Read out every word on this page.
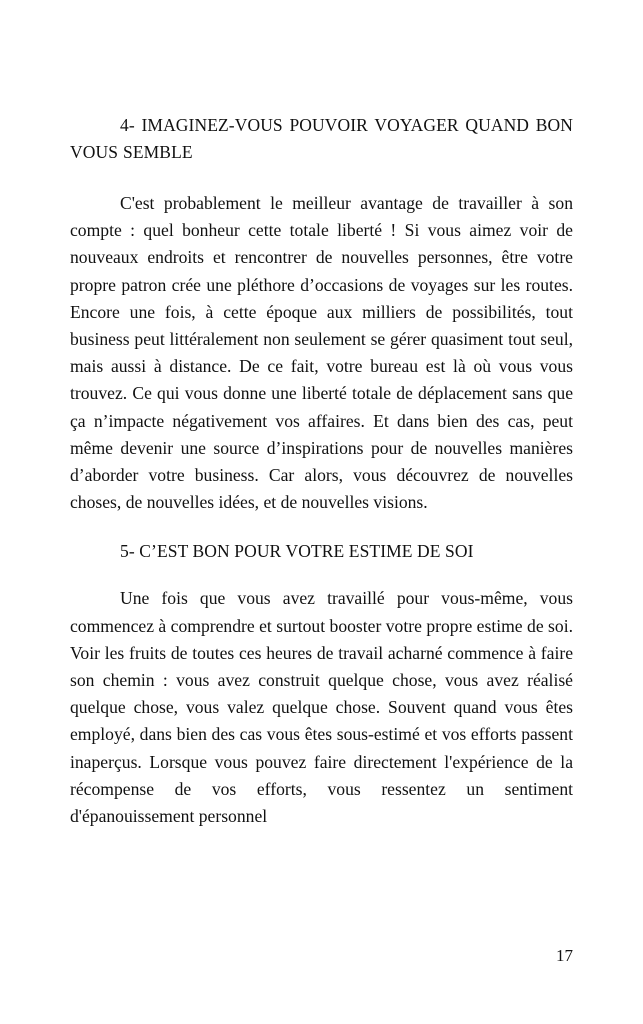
4- IMAGINEZ-VOUS POUVOIR VOYAGER QUAND BON VOUS SEMBLE

C'est probablement le meilleur avantage de travailler à son compte : quel bonheur cette totale liberté ! Si vous aimez voir de nouveaux endroits et rencontrer de nouvelles personnes, être votre propre patron crée une pléthore d’occasions de voyages sur les routes. Encore une fois, à cette époque aux milliers de possibilités, tout business peut littéralement non seulement se gérer quasiment tout seul, mais aussi à distance. De ce fait, votre bureau est là où vous vous trouvez. Ce qui vous donne une liberté totale de déplacement sans que ça n’impacte négativement vos affaires. Et dans bien des cas, peut même devenir une source d’inspirations pour de nouvelles manières d’aborder votre business. Car alors, vous découvrez de nouvelles choses, de nouvelles idées, et de nouvelles visions.

5- C’EST BON POUR VOTRE ESTIME DE SOI

Une fois que vous avez travaillé pour vous-même, vous commencez à comprendre et surtout booster votre propre estime de soi. Voir les fruits de toutes ces heures de travail acharné commence à faire son chemin : vous avez construit quelque chose, vous avez réalisé quelque chose, vous valez quelque chose. Souvent quand vous êtes employé, dans bien des cas vous êtes sous-estimé et vos efforts passent inaperçus. Lorsque vous pouvez faire directement l'expérience de la récompense de vos efforts, vous ressentez un sentiment d'épanouissement personnel

17
